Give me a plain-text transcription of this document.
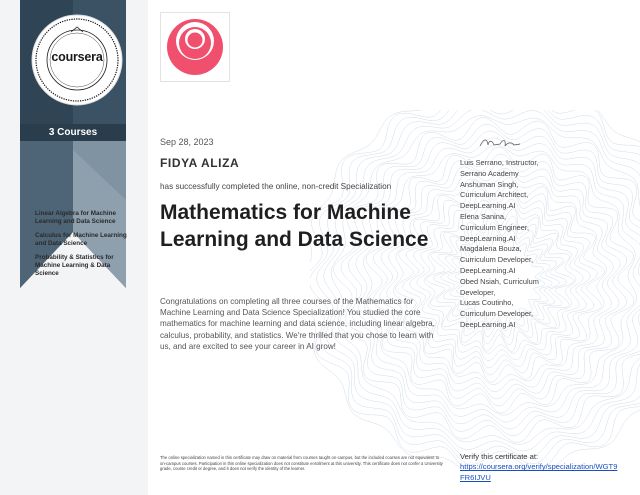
coursera
3 Courses
Linear Algebra for Machine Learning and Data Science
Calculus for Machine Learning and Data Science
Probability & Statistics for Machine Learning & Data Science
Sep 28, 2023
FIDYA ALIZA
has successfully completed the online, non-credit Specialization
Mathematics for Machine Learning and Data Science
Congratulations on completing all three courses of the Mathematics for Machine Learning and Data Science Specialization! You studied the core mathematics for machine learning and data science, including linear algebra, calculus, probability, and statistics. We're thrilled that you chose to learn with us, and are excited to see your career in AI grow!
The online specialization named in this certificate may draw on material from courses taught on-campus, but the included courses are not equivalent to on-campus courses. Participation in this online specialization does not constitute enrollment at this university. This certificate does not confer a University grade, course credit or degree, and it does not verify the identity of the learner.
Luis Serrano, Instructor,
Serrano Academy
Anshuman Singh,
Curriculum Architect,
DeepLearning.AI
Elena Sanina,
Curriculum Engineer,
DeepLearning.AI
Magdalena Bouza,
Curriculum Developer,
DeepLearning.AI
Obed Nsiah, Curriculum
Developer,
Lucas Coutinho,
Curriculum Developer,
DeepLearning.AI
Verify this certificate at:
https://coursera.org/verify/specialization/WGT9FR6IJVU
